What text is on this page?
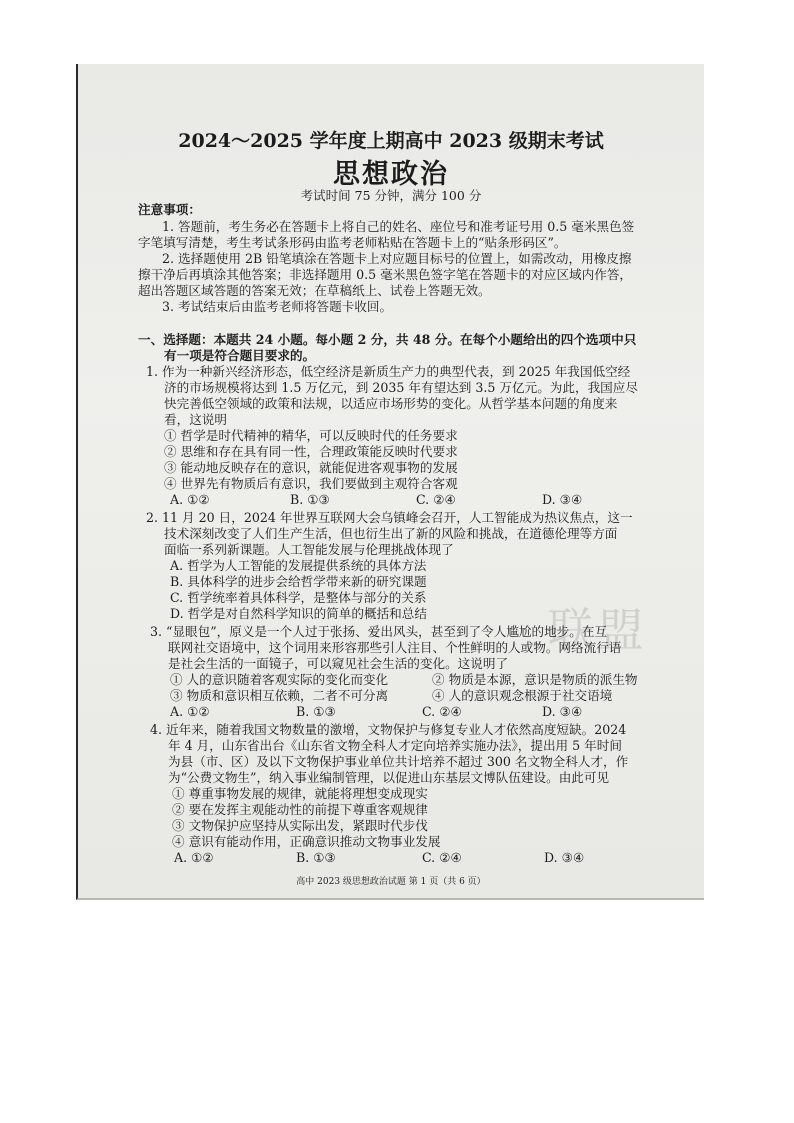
联盟
2024～2025 学年度上期高中 2023 级期末考试
思想政治
考试时间 75 分钟，满分 100 分
注意事项：
1. 答题前，考生务必在答题卡上将自己的姓名、座位号和准考证号用 0.5 毫米黑色签
字笔填写清楚，考生考试条形码由监考老师粘贴在答题卡上的“贴条形码区”。
2. 选择题使用 2B 铅笔填涂在答题卡上对应题目标号的位置上，如需改动，用橡皮擦
擦干净后再填涂其他答案；非选择题用 0.5 毫米黑色签字笔在答题卡的对应区域内作答，
超出答题区域答题的答案无效；在草稿纸上、试卷上答题无效。
3. 考试结束后由监考老师将答题卡收回。
一、选择题：本题共 24 小题。每小题 2 分，共 48 分。在每个小题给出的四个选项中只
有一项是符合题目要求的。
1. 作为一种新兴经济形态，低空经济是新质生产力的典型代表，到 2025 年我国低空经
济的市场规模将达到 1.5 万亿元，到 2035 年有望达到 3.5 万亿元。为此，我国应尽
快完善低空领域的政策和法规，以适应市场形势的变化。从哲学基本问题的角度来
看，这说明
① 哲学是时代精神的精华，可以反映时代的任务要求
② 思维和存在具有同一性，合理政策能反映时代要求
③ 能动地反映存在的意识，就能促进客观事物的发展
④ 世界先有物质后有意识，我们要做到主观符合客观
A. ①②	B. ①③	C. ②④	D. ③④
2. 11 月 20 日，2024 年世界互联网大会乌镇峰会召开，人工智能成为热议焦点，这一
技术深刻改变了人们生产生活，但也衍生出了新的风险和挑战，在道德伦理等方面
面临一系列新课题。人工智能发展与伦理挑战体现了
A. 哲学为人工智能的发展提供系统的具体方法
B. 具体科学的进步会给哲学带来新的研究课题
C. 哲学统率着具体科学，是整体与部分的关系
D. 哲学是对自然科学知识的简单的概括和总结
3. “显眼包”，原义是一个人过于张扬、爱出风头，甚至到了令人尴尬的地步。在互
联网社交语境中，这个词用来形容那些引人注目、个性鲜明的人或物。网络流行语
是社会生活的一面镜子，可以窥见社会生活的变化。这说明了
① 人的意识随着客观实际的变化而变化	② 物质是本源，意识是物质的派生物
③ 物质和意识相互依赖，二者不可分离	④ 人的意识观念根源于社交语境
A. ①②	B. ①③	C. ②④	D. ③④
4. 近年来，随着我国文物数量的激增，文物保护与修复专业人才依然高度短缺。2024
年 4 月，山东省出台《山东省文物全科人才定向培养实施办法》，提出用 5 年时间
为县（市、区）及以下文物保护事业单位共计培养不超过 300 名文物全科人才，作
为“公费文物生”，纳入事业编制管理，以促进山东基层文博队伍建设。由此可见
① 尊重事物发展的规律，就能将理想变成现实
② 要在发挥主观能动性的前提下尊重客观规律
③ 文物保护应坚持从实际出发，紧跟时代步伐
④ 意识有能动作用，正确意识推动文物事业发展
A. ①②	B. ①③	C. ②④	D. ③④
高中 2023 级思想政治试题 第 1 页（共 6 页）
